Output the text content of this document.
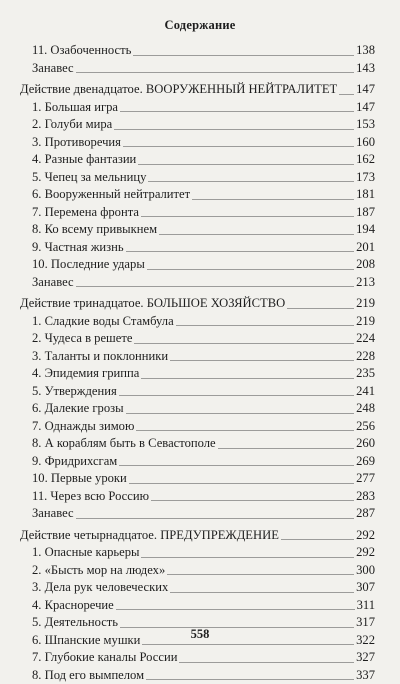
Содержание
11. Озабоченность	138
Занавес	143
Действие двенадцатое. ВООРУЖЕННЫЙ НЕЙТРАЛИТЕТ 147
1. Большая игра	147
2. Голуби мира	153
3. Противоречия	160
4. Разные фантазии	162
5. Чепец за мельницу	173
6. Вооруженный нейтралитет	181
7. Перемена фронта	187
8. Ко всему привыкнем	194
9. Частная жизнь	201
10. Последние удары	208
Занавес	213
Действие тринадцатое. БОЛЬШОЕ ХОЗЯЙСТВО	219
1. Сладкие воды Стамбула	219
2. Чудеса в решете	224
3. Таланты и поклонники	228
4. Эпидемия гриппа	235
5. Утверждения	241
6. Далекие грозы	248
7. Однажды зимою	256
8. А кораблям быть в Севастополе	260
9. Фридрихсгам	269
10. Первые уроки	277
11. Через всю Россию	283
Занавес	287
Действие четырнадцатое. ПРЕДУПРЕЖДЕНИЕ	292
1. Опасные карьеры	292
2. «Бысть мор на людех»	300
3. Дела рук человеческих	307
4. Красноречие	311
5. Деятельность	317
6. Шпанские мушки	322
7. Глубокие каналы России	327
8. Под его вымпелом	337
558
